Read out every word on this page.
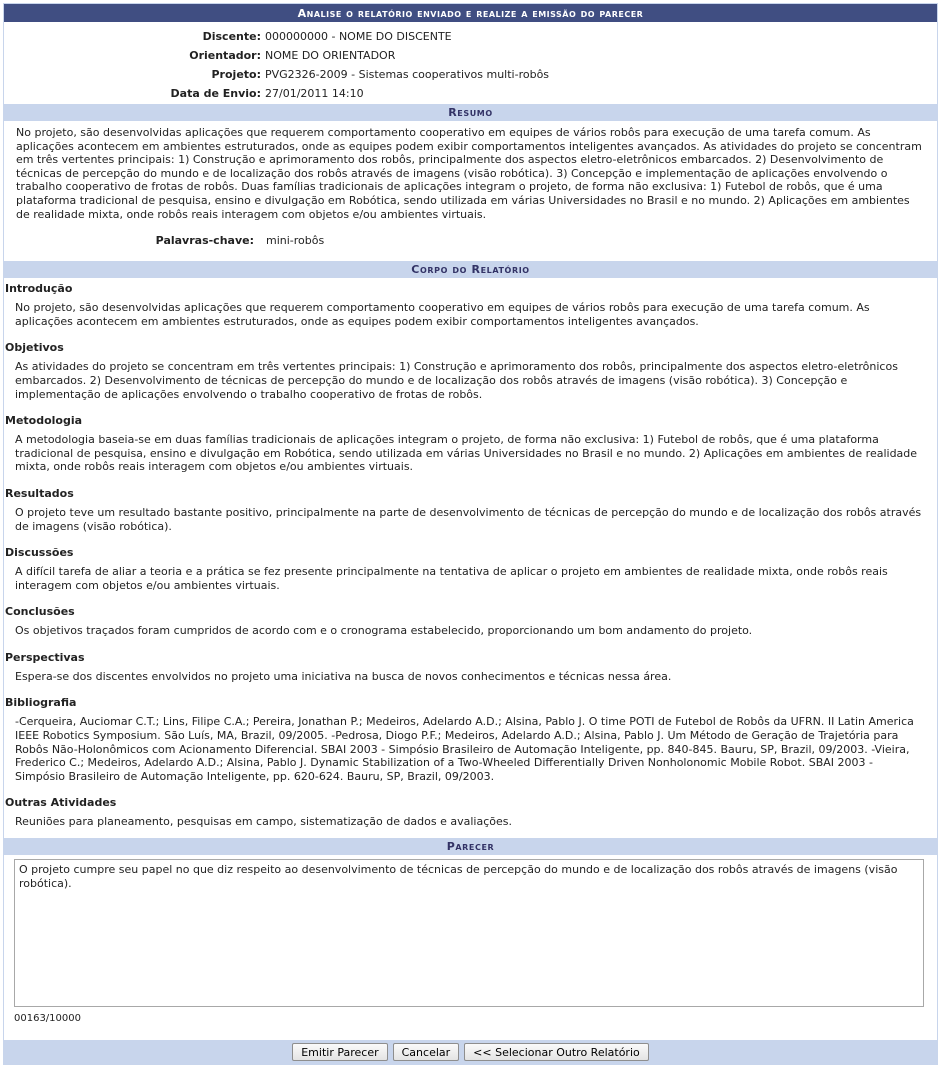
Analise o relatório enviado e realize a emissão do parecer
Discente: 000000000 - NOME DO DISCENTE
Orientador: NOME DO ORIENTADOR
Projeto: PVG2326-2009 - Sistemas cooperativos multi-robôs
Data de Envio: 27/01/2011 14:10
Resumo
No projeto, são desenvolvidas aplicações que requerem comportamento cooperativo em equipes de vários robôs para execução de uma tarefa comum. As aplicações acontecem em ambientes estruturados, onde as equipes podem exibir comportamentos inteligentes avançados. As atividades do projeto se concentram em três vertentes principais: 1) Construção e aprimoramento dos robôs, principalmente dos aspectos eletro-eletrônicos embarcados. 2) Desenvolvimento de técnicas de percepção do mundo e de localização dos robôs através de imagens (visão robótica). 3) Concepção e implementação de aplicações envolvendo o trabalho cooperativo de frotas de robôs. Duas famílias tradicionais de aplicações integram o projeto, de forma não exclusiva: 1) Futebol de robôs, que é uma plataforma tradicional de pesquisa, ensino e divulgação em Robótica, sendo utilizada em várias Universidades no Brasil e no mundo. 2) Aplicações em ambientes de realidade mixta, onde robôs reais interagem com objetos e/ou ambientes virtuais.
Palavras-chave:	mini-robôs
Corpo do Relatório
Introdução
No projeto, são desenvolvidas aplicações que requerem comportamento cooperativo em equipes de vários robôs para execução de uma tarefa comum. As aplicações acontecem em ambientes estruturados, onde as equipes podem exibir comportamentos inteligentes avançados.
Objetivos
As atividades do projeto se concentram em três vertentes principais: 1) Construção e aprimoramento dos robôs, principalmente dos aspectos eletro-eletrônicos embarcados. 2) Desenvolvimento de técnicas de percepção do mundo e de localização dos robôs através de imagens (visão robótica). 3) Concepção e implementação de aplicações envolvendo o trabalho cooperativo de frotas de robôs.
Metodologia
A metodologia baseia-se em duas famílias tradicionais de aplicações integram o projeto, de forma não exclusiva: 1) Futebol de robôs, que é uma plataforma tradicional de pesquisa, ensino e divulgação em Robótica, sendo utilizada em várias Universidades no Brasil e no mundo. 2) Aplicações em ambientes de realidade mixta, onde robôs reais interagem com objetos e/ou ambientes virtuais.
Resultados
O projeto teve um resultado bastante positivo, principalmente na parte de desenvolvimento de técnicas de percepção do mundo e de localização dos robôs através de imagens (visão robótica).
Discussões
A difícil tarefa de aliar a teoria e a prática se fez presente principalmente na tentativa de aplicar o projeto em ambientes de realidade mixta, onde robôs reais interagem com objetos e/ou ambientes virtuais.
Conclusões
Os objetivos traçados foram cumpridos de acordo com e o cronograma estabelecido, proporcionando um bom andamento do projeto.
Perspectivas
Espera-se dos discentes envolvidos no projeto uma iniciativa na busca de novos conhecimentos e técnicas nessa área.
Bibliografia
-Cerqueira, Auciomar C.T.; Lins, Filipe C.A.; Pereira, Jonathan P.; Medeiros, Adelardo A.D.; Alsina, Pablo J. O time POTI de Futebol de Robôs da UFRN. II Latin America IEEE Robotics Symposium. São Luís, MA, Brazil, 09/2005. -Pedrosa, Diogo P.F.; Medeiros, Adelardo A.D.; Alsina, Pablo J. Um Método de Geração de Trajetória para Robôs Não-Holonômicos com Acionamento Diferencial. SBAI 2003 - Simpósio Brasileiro de Automação Inteligente, pp. 840-845. Bauru, SP, Brazil, 09/2003. -Vieira, Frederico C.; Medeiros, Adelardo A.D.; Alsina, Pablo J. Dynamic Stabilization of a Two-Wheeled Differentially Driven Nonholonomic Mobile Robot. SBAI 2003 - Simpósio Brasileiro de Automação Inteligente, pp. 620-624. Bauru, SP, Brazil, 09/2003.
Outras Atividades
Reuniões para planeamento, pesquisas em campo, sistematização de dados e avaliações.
Parecer
O projeto cumpre seu papel no que diz respeito ao desenvolvimento de técnicas de percepção do mundo e de localização dos robôs através de imagens (visão robótica).
00163/10000
Emitir Parecer	Cancelar	<< Selecionar Outro Relatório
